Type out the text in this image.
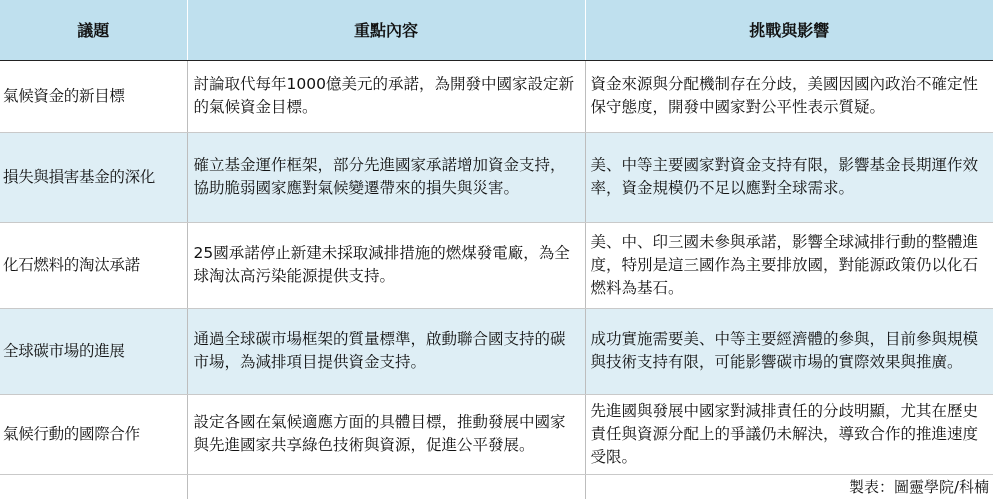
議題	重點內容	挑戰與影響
氣候資金的新目標	討論取代每年1000億美元的承諾，為開發中國家設定新的氣候資金目標。	資金來源與分配機制存在分歧，美國因國內政治不確定性保守態度，開發中國家對公平性表示質疑。
損失與損害基金的深化	確立基金運作框架，部分先進國家承諾增加資金支持，協助脆弱國家應對氣候變遷帶來的損失與災害。	美、中等主要國家對資金支持有限，影響基金長期運作效率，資金規模仍不足以應對全球需求。
化石燃料的淘汰承諾	25國承諾停止新建未採取減排措施的燃煤發電廠，為全球淘汰高污染能源提供支持。	美、中、印三國未參與承諾，影響全球減排行動的整體進度，特別是這三國作為主要排放國，對能源政策仍以化石燃料為基石。
全球碳市場的進展	通過全球碳市場框架的質量標準，啟動聯合國支持的碳市場，為減排項目提供資金支持。	成功實施需要美、中等主要經濟體的參與，目前參與規模與技術支持有限，可能影響碳市場的實際效果與推廣。
氣候行動的國際合作	設定各國在氣候適應方面的具體目標，推動發展中國家與先進國家共享綠色技術與資源，促進公平發展。	先進國與發展中國家對減排責任的分歧明顯，尤其在歷史責任與資源分配上的爭議仍未解決，導致合作的推進速度受限。
		製表：圖靈學院/科楠
